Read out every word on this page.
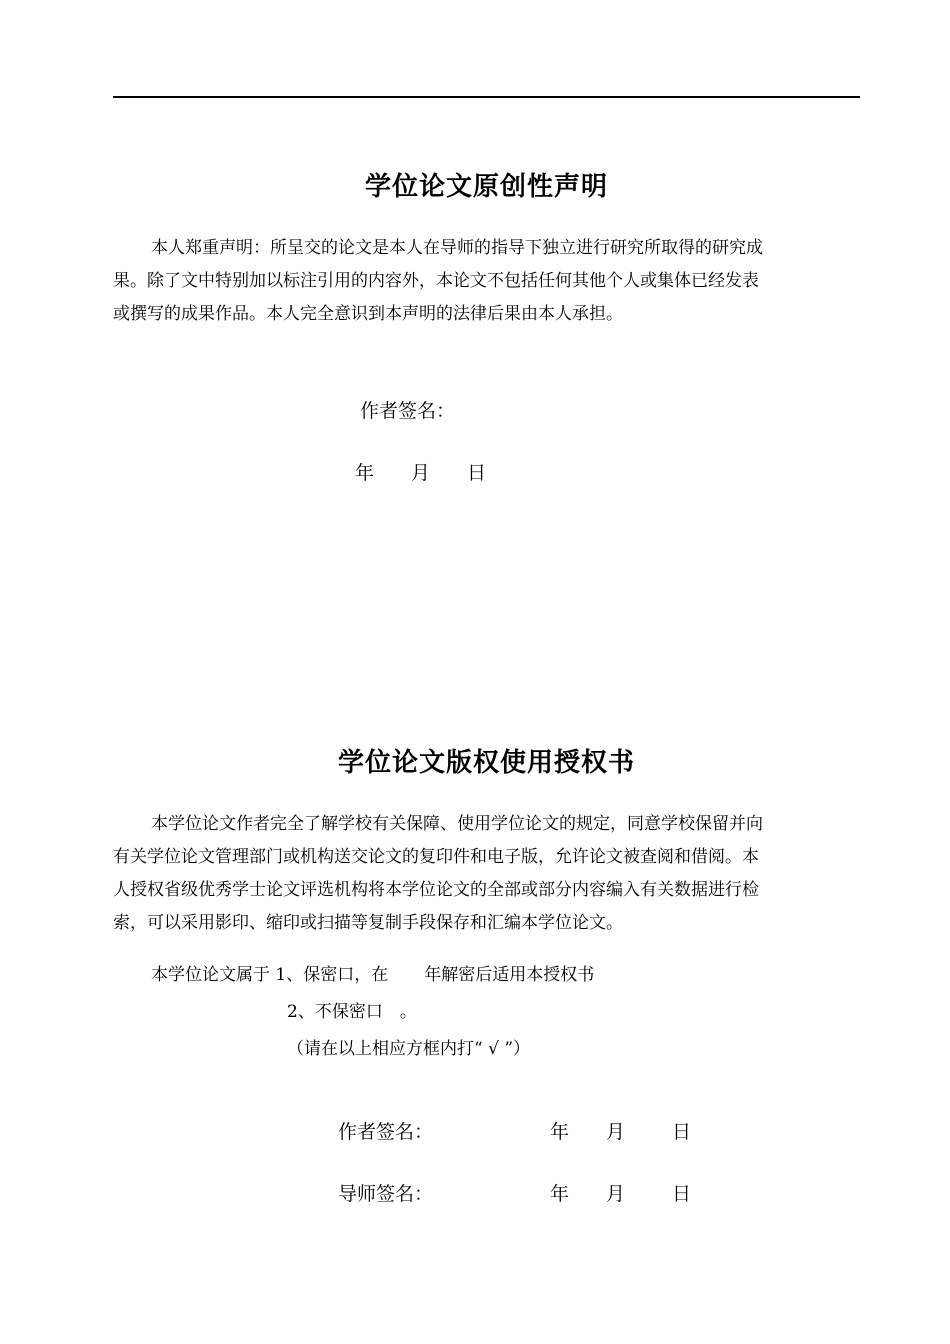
学位论文原创性声明
本人郑重声明：所呈交的论文是本人在导师的指导下独立进行研究所取得的研究成
果。除了文中特别加以标注引用的内容外，本论文不包括任何其他个人或集体已经发表
或撰写的成果作品。本人完全意识到本声明的法律后果由本人承担。
作者签名：
年 月 日
学位论文版权使用授权书
本学位论文作者完全了解学校有关保障、使用学位论文的规定，同意学校保留并向
有关学位论文管理部门或机构送交论文的复印件和电子版，允许论文被查阅和借阅。本
人授权省级优秀学士论文评选机构将本学位论文的全部或部分内容编入有关数据进行检
索，可以采用影印、缩印或扫描等复制手段保存和汇编本学位论文。
本学位论文属于 1、保密口，在 年解密后适用本授权书
2、不保密口　。
（请在以上相应方框内打“ √ ”）
作者签名：	年 月 日
导师签名：	年 月 日
